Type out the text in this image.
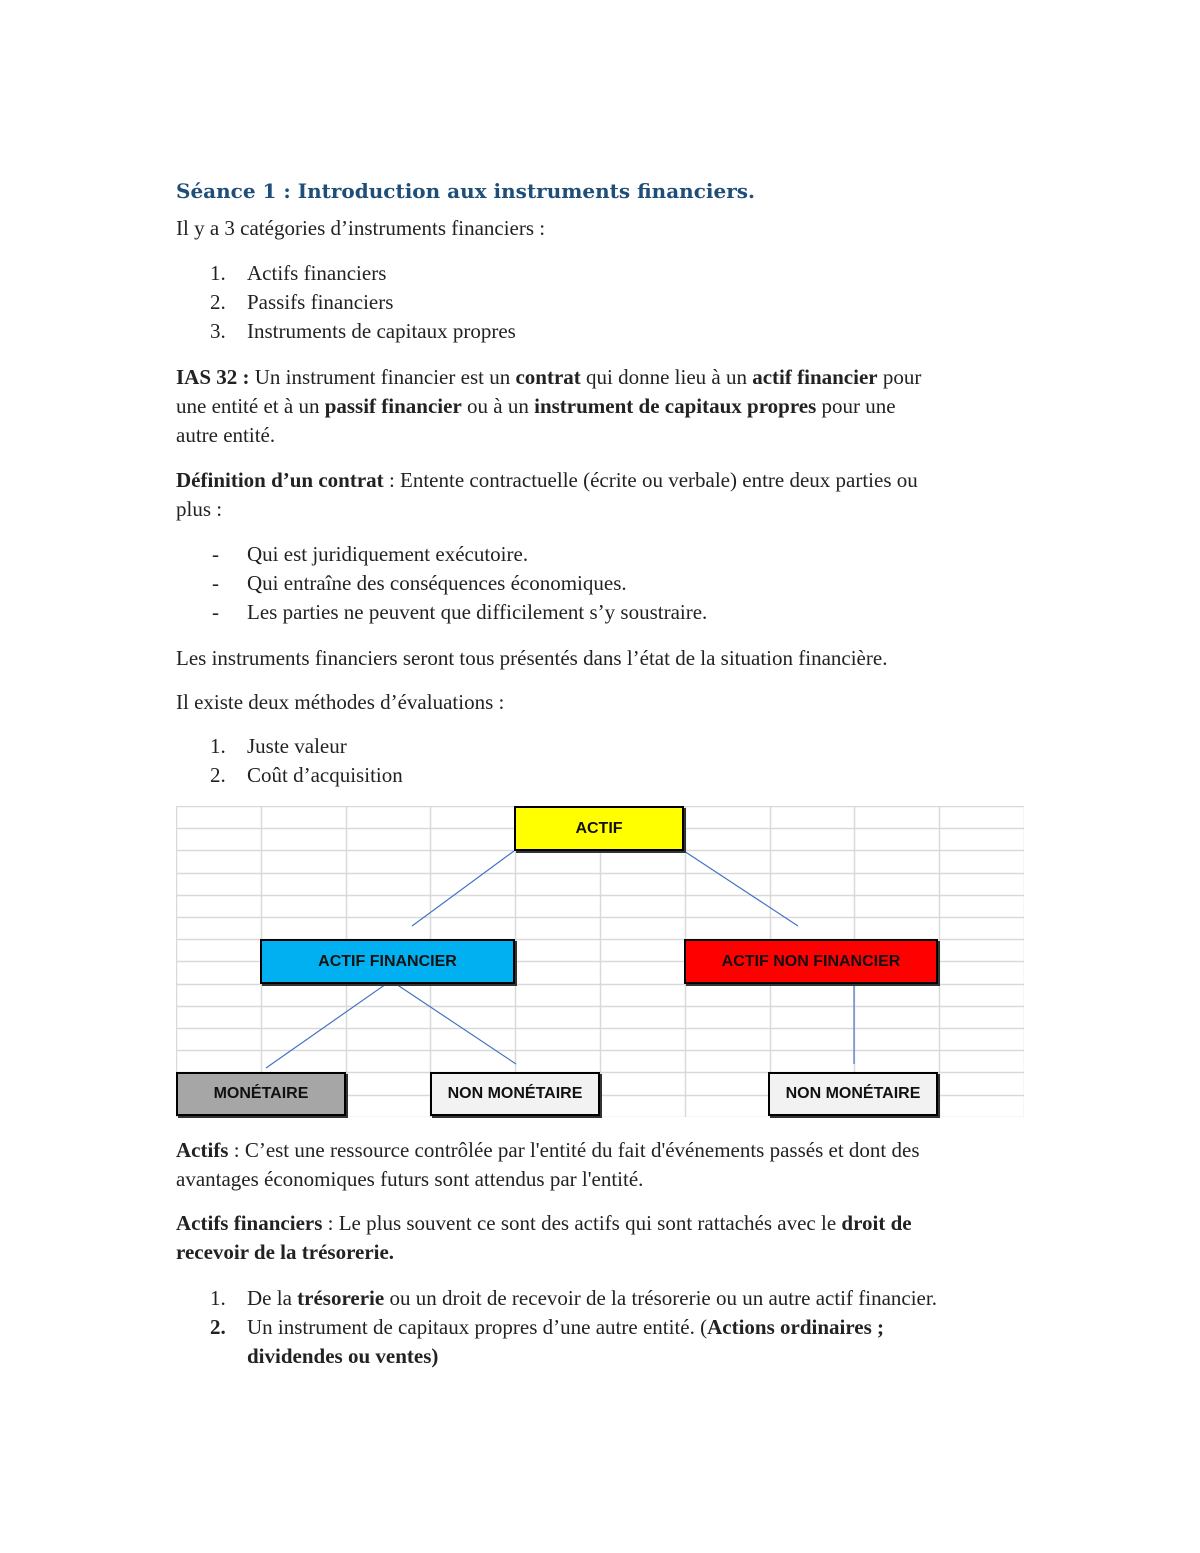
Séance 1 : Introduction aux instruments financiers.
Il y a 3 catégories d’instruments financiers :
1. Actifs financiers
2. Passifs financiers
3. Instruments de capitaux propres
IAS 32 : Un instrument financier est un contrat qui donne lieu à un actif financier pour
une entité et à un passif financier ou à un instrument de capitaux propres pour une
autre entité.
Définition d’un contrat : Entente contractuelle (écrite ou verbale) entre deux parties ou
plus :
- Qui est juridiquement exécutoire.
- Qui entraîne des conséquences économiques.
- Les parties ne peuvent que difficilement s’y soustraire.
Les instruments financiers seront tous présentés dans l’état de la situation financière.
Il existe deux méthodes d’évaluations :
1. Juste valeur
2. Coût d’acquisition
ACTIF
ACTIF FINANCIER	ACTIF NON FINANCIER
MONÉTAIRE	NON MONÉTAIRE	NON MONÉTAIRE
Actifs : C’est une ressource contrôlée par l'entité du fait d'événements passés et dont des
avantages économiques futurs sont attendus par l'entité.
Actifs financiers : Le plus souvent ce sont des actifs qui sont rattachés avec le droit de
recevoir de la trésorerie.
1. De la trésorerie ou un droit de recevoir de la trésorerie ou un autre actif financier.
2. Un instrument de capitaux propres d’une autre entité. (Actions ordinaires ;
dividendes ou ventes)
